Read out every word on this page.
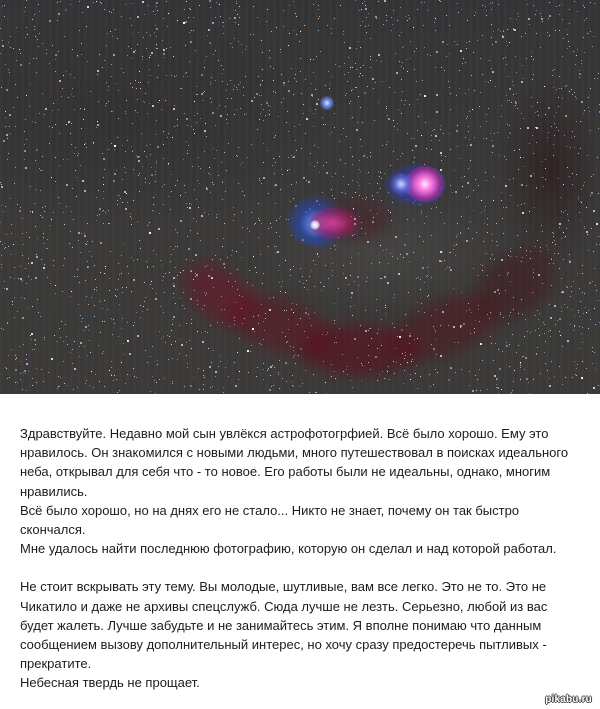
Здравствуйте. Недавно мой сын увлёкся астрофотогрфией. Всё было хорошо. Ему это

нравилось. Он знакомился с новыми людьми, много путешествовал в поисках идеального

неба, открывал для себя что - то новое. Его работы были не идеальны, однако, многим

нравились.

Всё было хорошо, но на днях его не стало... Никто не знает, почему он так быстро

скончался.

Мне удалось найти последнюю фотографию, которую он сделал и над которой работал.

Не стоит вскрывать эту тему. Вы молодые, шутливые, вам все легко. Это не то. Это не

Чикатило и даже не архивы спецслужб. Сюда лучше не лезть. Серьезно, любой из вас

будет жалеть. Лучше забудьте и не занимайтесь этим. Я вполне понимаю что данным

сообщением вызову дополнительный интерес, но хочу сразу предостеречь пытливых -

прекратите.

Небесная твердь не прощает.

pikabu.ru
